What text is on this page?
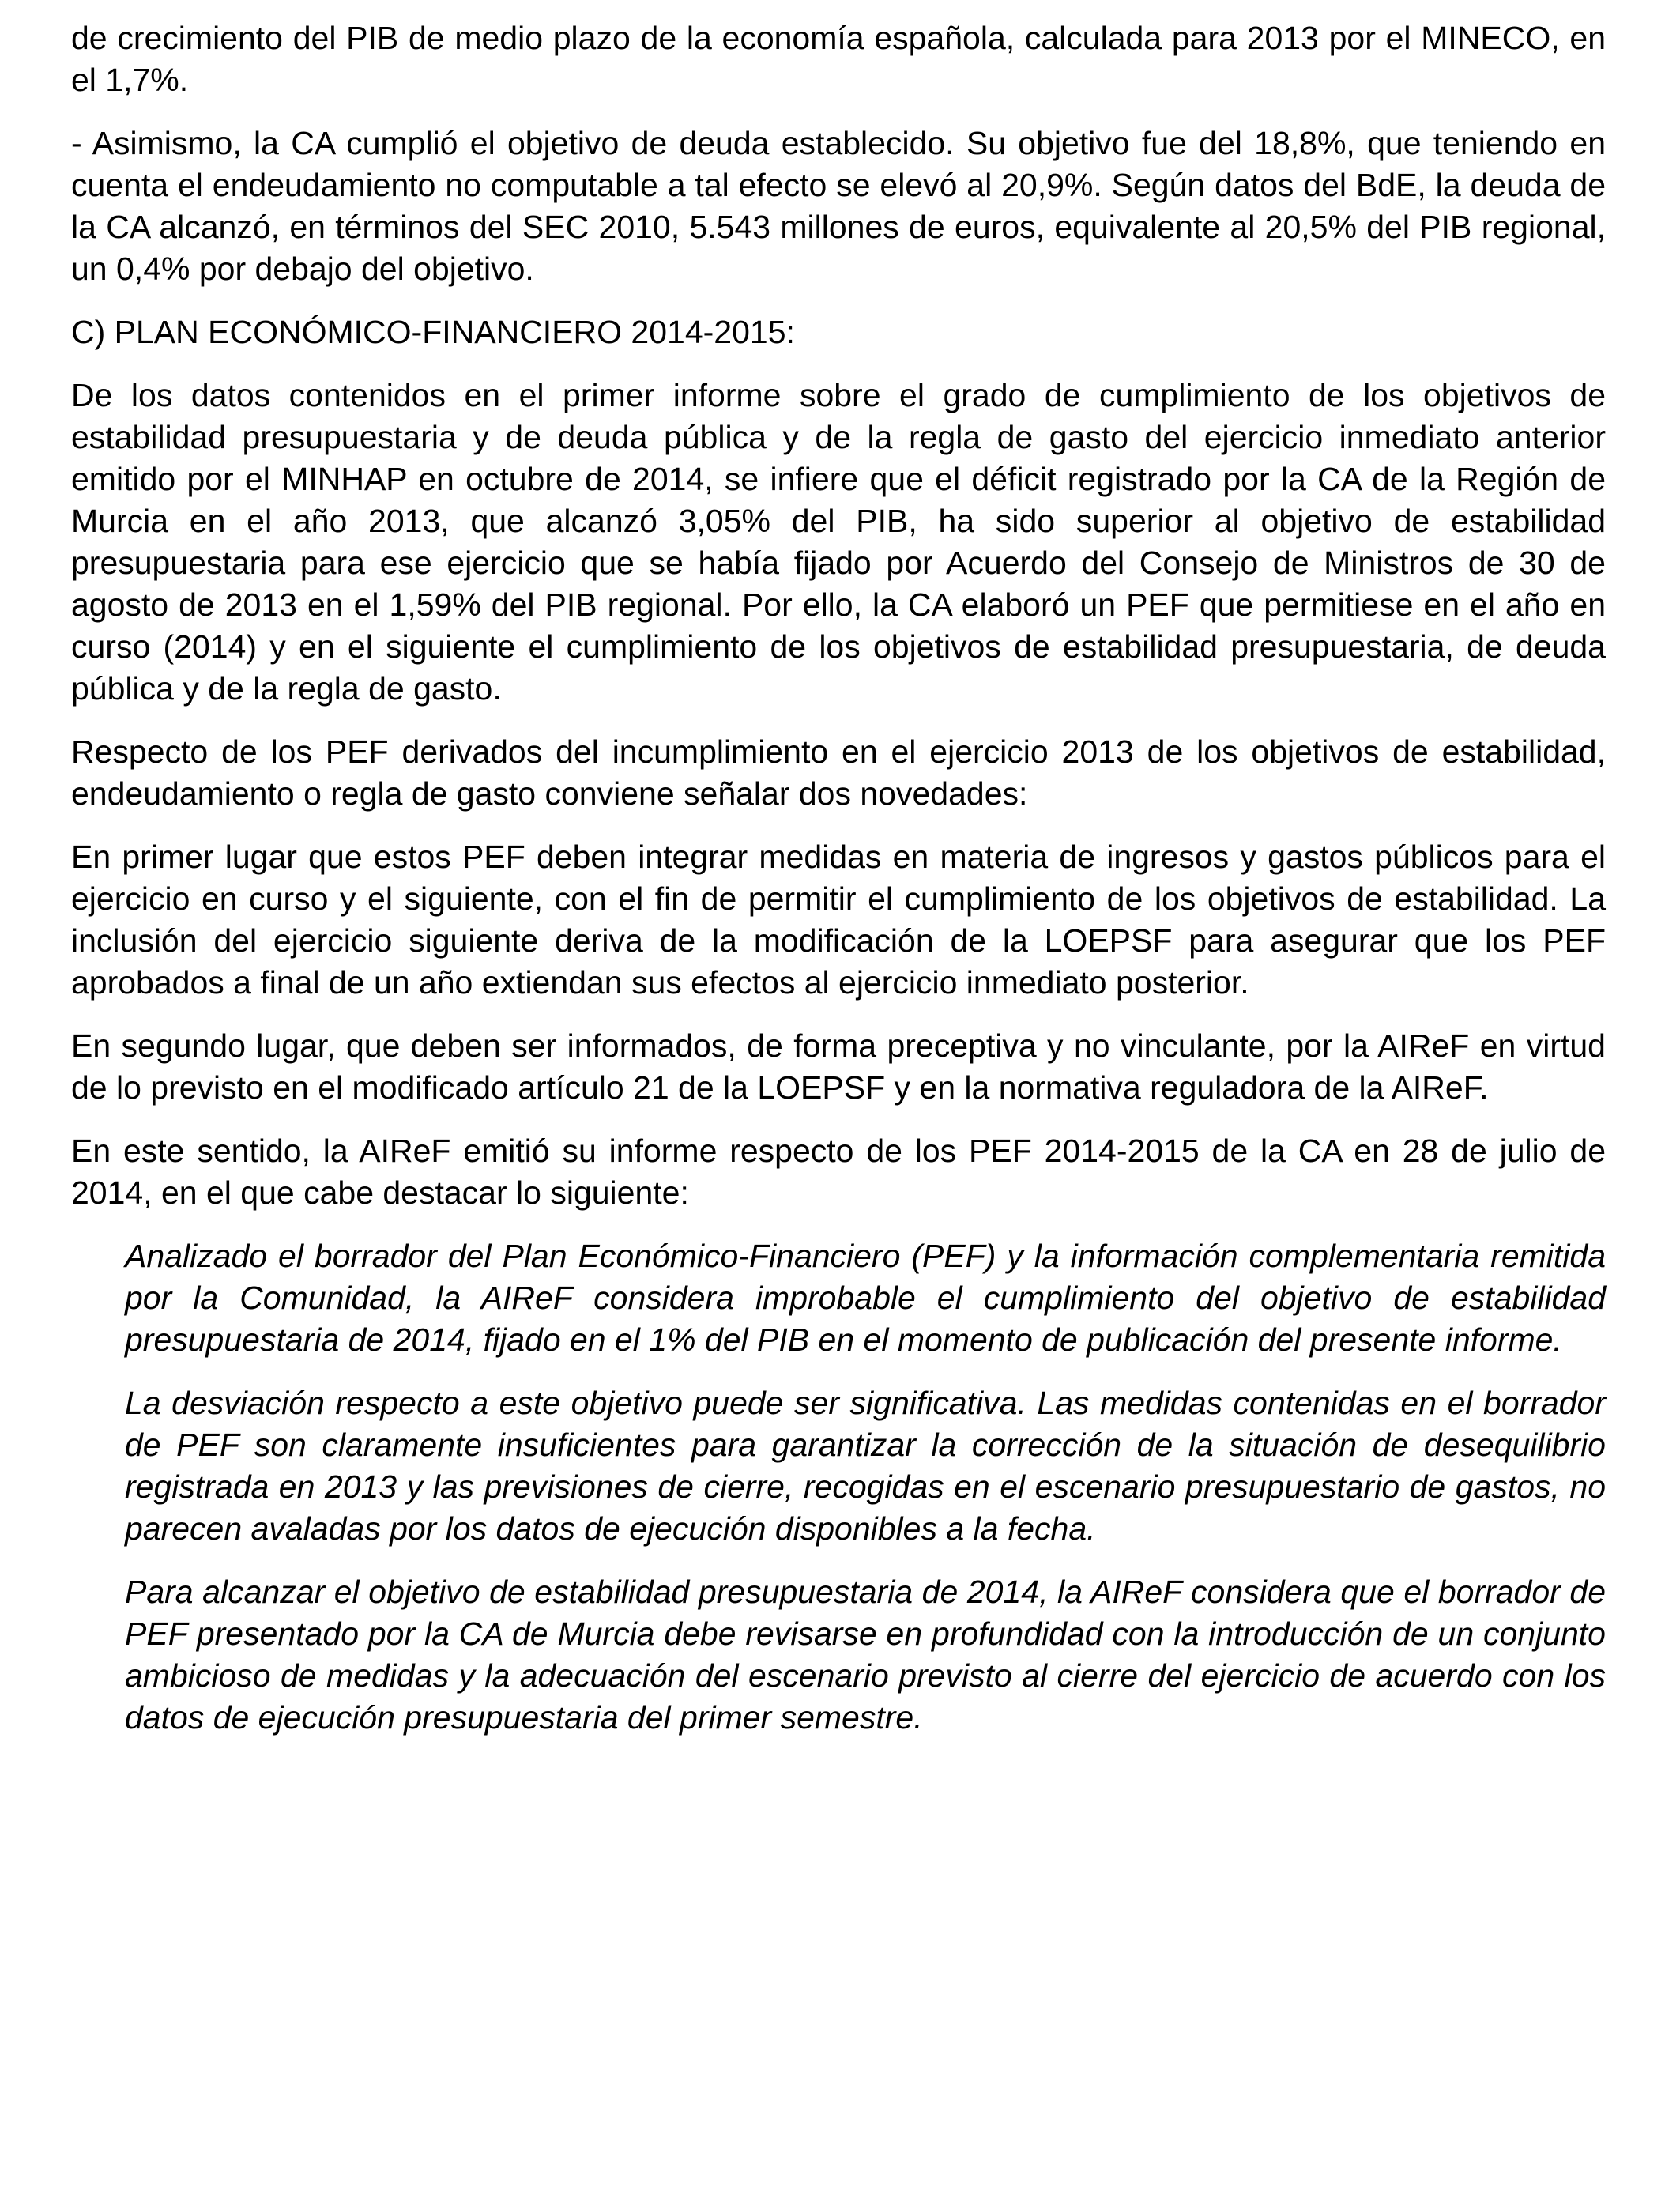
de crecimiento del PIB de medio plazo de la economía española, calculada para 2013 por el MINECO, en el 1,7%.

- Asimismo, la CA cumplió el objetivo de deuda establecido. Su objetivo fue del 18,8%, que teniendo en cuenta el endeudamiento no computable a tal efecto se elevó al 20,9%. Según datos del BdE, la deuda de la CA alcanzó, en términos del SEC 2010, 5.543 millones de euros, equivalente al 20,5% del PIB regional, un 0,4% por debajo del objetivo.

C) PLAN ECONÓMICO-FINANCIERO 2014-2015:

De los datos contenidos en el primer informe sobre el grado de cumplimiento de los objetivos de estabilidad presupuestaria y de deuda pública y de la regla de gasto del ejercicio inmediato anterior emitido por el MINHAP en octubre de 2014, se infiere que el déficit registrado por la CA de la Región de Murcia en el año 2013, que alcanzó 3,05% del PIB, ha sido superior al objetivo de estabilidad presupuestaria para ese ejercicio que se había fijado por Acuerdo del Consejo de Ministros de 30 de agosto de 2013 en el 1,59% del PIB regional. Por ello, la CA elaboró un PEF que permitiese en el año en curso (2014) y en el siguiente el cumplimiento de los objetivos de estabilidad presupuestaria, de deuda pública y de la regla de gasto.

Respecto de los PEF derivados del incumplimiento en el ejercicio 2013 de los objetivos de estabilidad, endeudamiento o regla de gasto conviene señalar dos novedades:

En primer lugar que estos PEF deben integrar medidas en materia de ingresos y gastos públicos para el ejercicio en curso y el siguiente, con el fin de permitir el cumplimiento de los objetivos de estabilidad. La inclusión del ejercicio siguiente deriva de la modificación de la LOEPSF para asegurar que los PEF aprobados a final de un año extiendan sus efectos al ejercicio inmediato posterior.

En segundo lugar, que deben ser informados, de forma preceptiva y no vinculante, por la AIReF en virtud de lo previsto en el modificado artículo 21 de la LOEPSF y en la normativa reguladora de la AIReF.

En este sentido, la AIReF emitió su informe respecto de los PEF 2014-2015 de la CA en 28 de julio de 2014, en el que cabe destacar lo siguiente:

Analizado el borrador del Plan Económico-Financiero (PEF) y la información complementaria remitida por la Comunidad, la AIReF considera improbable el cumplimiento del objetivo de estabilidad presupuestaria de 2014, fijado en el 1% del PIB en el momento de publicación del presente informe.

La desviación respecto a este objetivo puede ser significativa. Las medidas contenidas en el borrador de PEF son claramente insuficientes para garantizar la corrección de la situación de desequilibrio registrada en 2013 y las previsiones de cierre, recogidas en el escenario presupuestario de gastos, no parecen avaladas por los datos de ejecución disponibles a la fecha.

Para alcanzar el objetivo de estabilidad presupuestaria de 2014, la AIReF considera que el borrador de PEF presentado por la CA de Murcia debe revisarse en profundidad con la introducción de un conjunto ambicioso de medidas y la adecuación del escenario previsto al cierre del ejercicio de acuerdo con los datos de ejecución presupuestaria del primer semestre.
